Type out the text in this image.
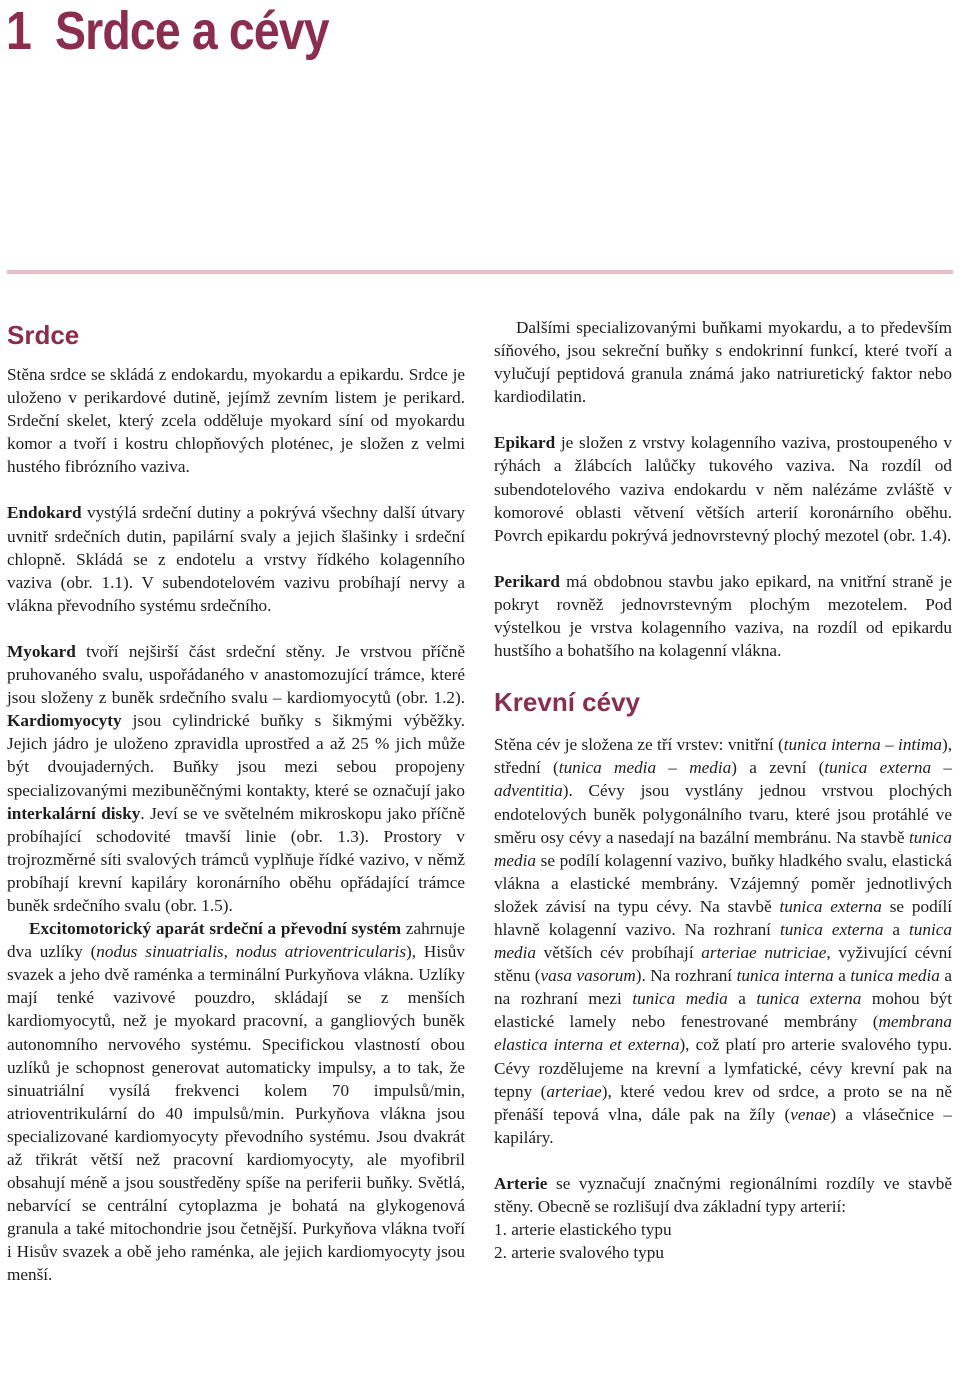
1 Srdce a cévy
Srdce

Stěna srdce se skládá z endokardu, myokardu a epikardu. Srdce je uloženo v perikardové dutině, jejímž zevním listem je perikard. Srdeční skelet, který zcela odděluje myokard síní od myokardu komor a tvoří i kostru chlopňových ploténec, je složen z velmi hustého fibrózního vaziva.

Endokard vystýlá srdeční dutiny a pokrývá všechny další útvary uvnitř srdečních dutin, papilární svaly a jejich šlašinky i srdeční chlopně. Skládá se z endotelu a vrstvy řídkého kolagenního vaziva (obr. 1.1). V subendotelovém vazivu probíhají nervy a vlákna převodního systému srdečního.

Myokard tvoří nejširší část srdeční stěny. Je vrstvou příčně pruhovaného svalu, uspořádaného v anastomozující trámce, které jsou složeny z buněk srdečního svalu – kardiomyocytů (obr. 1.2). Kardiomyocyty jsou cylindrické buňky s šikmými výběžky. Jejich jádro je uloženo zpravidla uprostřed a až 25 % jich může být dvoujaderných. Buňky jsou mezi sebou propojeny specializovanými mezibuněčnými kontakty, které se označují jako interkalární disky. Jeví se ve světelném mikroskopu jako příčně probíhající schodovité tmavší linie (obr. 1.3). Prostory v trojrozměrné síti svalových trámců vyplňuje řídké vazivo, v němž probíhají krevní kapiláry koronárního oběhu opřádající trámce buněk srdečního svalu (obr. 1.5).

Excitomotorický aparát srdeční a převodní systém zahrnuje dva uzlíky (nodus sinuatrialis, nodus atrioventricularis), Hisův svazek a jeho dvě raménka a terminální Purkyňova vlákna. Uzlíky mají tenké vazivové pouzdro, skládají se z menších kardiomyocytů, než je myokard pracovní, a gangliových buněk autonomního nervového systému. Specifickou vlastností obou uzlíků je schopnost generovat automaticky impulsy, a to tak, že sinuatriální vysílá frekvenci kolem 70 impulsů/min, atrioventrikulární do 40 impulsů/min. Purkyňova vlákna jsou specializované kardiomyocyty převodního systému. Jsou dvakrát až třikrát větší než pracovní kardiomyocyty, ale myofibril obsahují méně a jsou soustředěny spíše na periferii buňky. Světlá, nebarvící se centrální cytoplazma je bohatá na glykogenová granula a také mitochondrie jsou četnější. Purkyňova vlákna tvoří i Hisův svazek a obě jeho raménka, ale jejich kardiomyocyty jsou menší.

Dalšími specializovanými buňkami myokardu, a to především síňového, jsou sekreční buňky s endokrinní funkcí, které tvoří a vylučují peptidová granula známá jako natriuretický faktor nebo kardiodilatin.

Epikard je složen z vrstvy kolagenního vaziva, prostoupeného v rýhách a žlábcích lalůčky tukového vaziva. Na rozdíl od subendotelového vaziva endokardu v něm nalézáme zvláště v komorové oblasti větvení větších arterií koronárního oběhu. Povrch epikardu pokrývá jednovrstevný plochý mezotel (obr. 1.4).

Perikard má obdobnou stavbu jako epikard, na vnitřní straně je pokryt rovněž jednovrstevným plochým mezotelem. Pod výstelkou je vrstva kolagenního vaziva, na rozdíl od epikardu hustšího a bohatšího na kolagenní vlákna.

Krevní cévy

Stěna cév je složena ze tří vrstev: vnitřní (tunica interna – intima), střední (tunica media – media) a zevní (tunica externa – adventitia). Cévy jsou vystlány jednou vrstvou plochých endotelových buněk polygonálního tvaru, které jsou protáhlé ve směru osy cévy a nasedají na bazální membránu. Na stavbě tunica media se podílí kolagenní vazivo, buňky hladkého svalu, elastická vlákna a elastické membrány. Vzájemný poměr jednotlivých složek závisí na typu cévy. Na stavbě tunica externa se podílí hlavně kolagenní vazivo. Na rozhraní tunica externa a tunica media větších cév probíhají arteriae nutriciae, vyživující cévní stěnu (vasa vasorum). Na rozhraní tunica interna a tunica media a na rozhraní mezi tunica media a tunica externa mohou být elastické lamely nebo fenestrované membrány (membrana elastica interna et externa), což platí pro arterie svalového typu. Cévy rozdělujeme na krevní a lymfatické, cévy krevní pak na tepny (arteriae), které vedou krev od srdce, a proto se na ně přenáší tepová vlna, dále pak na žíly (venae) a vlásečnice – kapiláry.

Arterie se vyznačují značnými regionálními rozdíly ve stavbě stěny. Obecně se rozlišují dva základní typy arterií:

1. arterie elastického typu
2. arterie svalového typu
